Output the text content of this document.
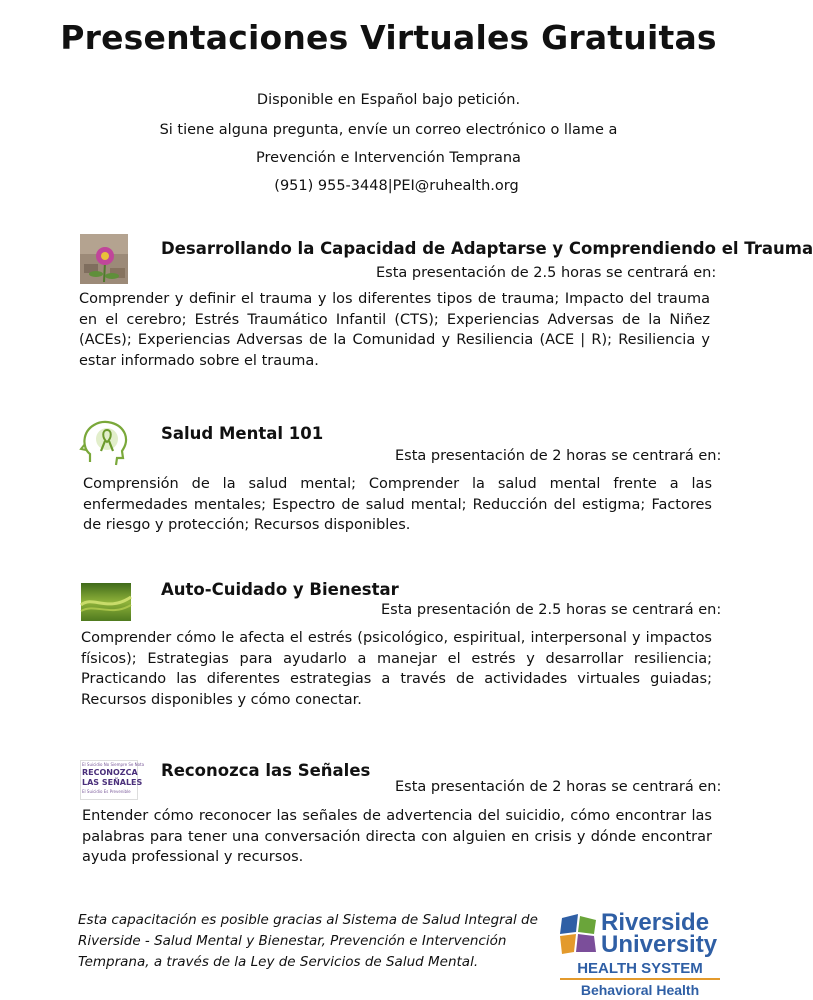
Presentaciones Virtuales Gratuitas
Disponible en Español bajo petición.
Si tiene alguna pregunta, envíe un correo electrónico o llame a
Prevención e Intervención Temprana
(951) 955-3448|PEI@ruhealth.org
Desarrollando la Capacidad de Adaptarse y Comprendiendo el Trauma
Esta presentación de 2.5 horas se centrará en:
Comprender y definir el trauma y los diferentes tipos de trauma; Impacto del trauma en el cerebro; Estrés Traumático Infantil (CTS); Experiencias Adversas de la Niñez (ACEs); Experiencias Adversas de la Comunidad y Resiliencia (ACE | R); Resiliencia y estar informado sobre el trauma.
Salud Mental 101
Esta presentación de 2 horas se centrará en:
Comprensión de la salud mental; Comprender la salud mental frente a las enfermedades mentales; Espectro de salud mental; Reducción del estigma; Factores de riesgo y protección; Recursos disponibles.
Auto-Cuidado y Bienestar
Esta presentación de 2.5 horas se centrará en:
Comprender cómo le afecta el estrés (psicológico, espiritual, interpersonal y impactos físicos); Estrategias para ayudarlo a manejar el estrés y desarrollar resiliencia; Practicando las diferentes estrategias a través de actividades virtuales guiadas; Recursos disponibles y cómo conectar.
El Suicidio No Siempre Se Nota
RECONOZCA
LAS SEÑALES
El Suicidio Es Prevenible
Reconozca las Señales
Esta presentación de 2 horas se centrará en:
Entender cómo reconocer las señales de advertencia del suicidio, cómo encontrar las palabras para tener una conversación directa con alguien en crisis y dónde encontrar ayuda professional y recursos.
Esta capacitación es posible gracias al Sistema de Salud Integral de Riverside - Salud Mental y Bienestar, Prevención e Intervención Temprana, a través de la Ley de Servicios de Salud Mental.
Riverside
University
HEALTH SYSTEM
Behavioral Health
